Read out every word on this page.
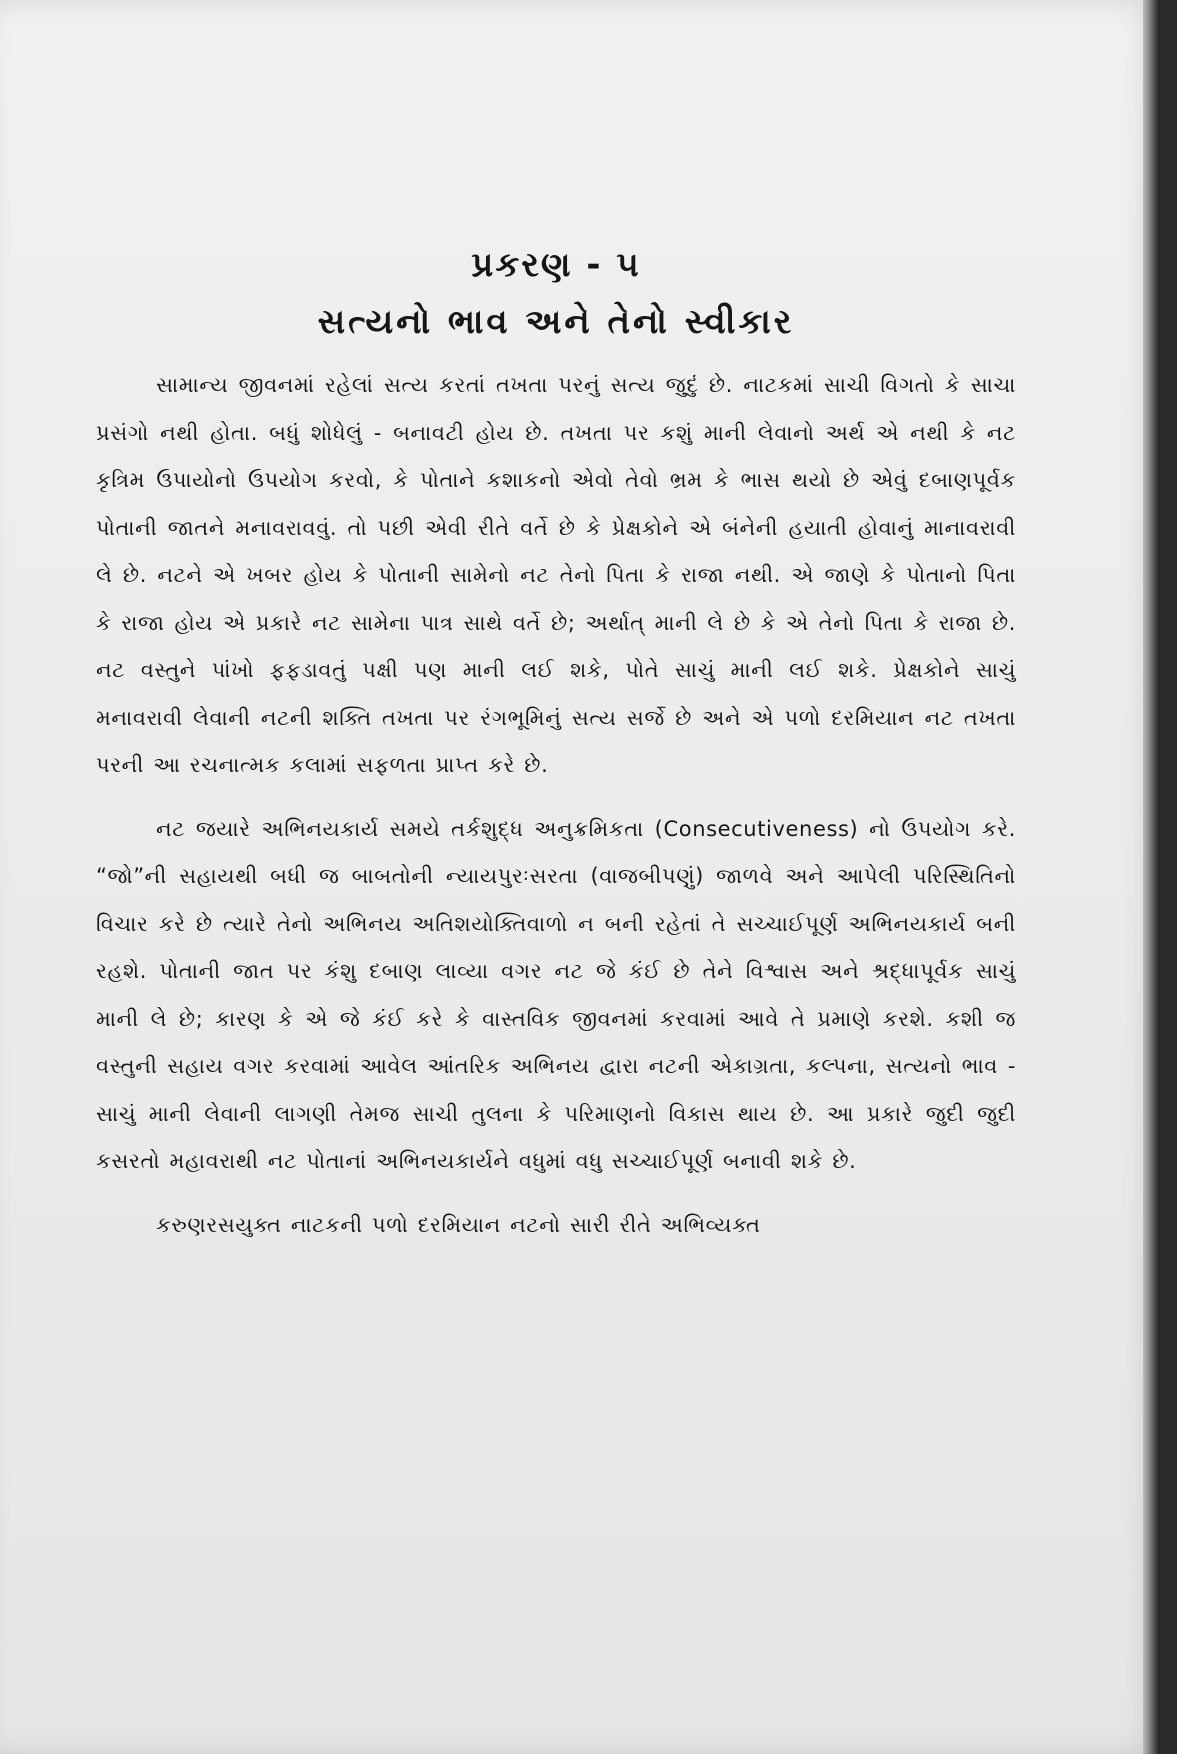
પ્રકરણ - ૫
સત્યનો ભાવ અને તેનો સ્વીકાર

સામાન્ય જીવનમાં રહેલાં સત્ય કરતાં તખતા પરનું સત્ય જુદું છે. નાટકમાં સાચી વિગતો કે સાચા પ્રસંગો નથી હોતા. બધું શોધેલું - બનાવટી હોય છે. તખતા પર કશું માની લેવાનો અર્થ એ નથી કે નટ કૃત્રિમ ઉપાયોનો ઉપયોગ કરવો, કે પોતાને કશાકનો એવો તેવો ભ્રમ કે ભાસ થયો છે એવું દબાણપૂર્વક પોતાની જાતને મનાવરાવવું. તો પછી એવી રીતે વર્તે છે કે પ્રેક્ષકોને એ બંનેની હયાતી હોવાનું માનાવરાવી લે છે. નટને એ ખબર હોય કે પોતાની સામેનો નટ તેનો પિતા કે રાજા નથી. એ જાણે કે પોતાનો પિતા કે રાજા હોય એ પ્રકારે નટ સામેના પાત્ર સાથે વર્તે છે; અર્થાત્ માની લે છે કે એ તેનો પિતા કે રાજા છે. નટ વસ્તુને પાંખો ફફડાવતું પક્ષી પણ માની લઈ શકે, પોતે સાચું માની લઈ શકે. પ્રેક્ષકોને સાચું મનાવરાવી લેવાની નટની શક્તિ તખતા પર રંગભૂમિનું સત્ય સર્જે છે અને એ પળો દરમિયાન નટ તખતા પરની આ રચનાત્મક કલામાં સફળતા પ્રાપ્ત કરે છે.

નટ જયારે અભિનયકાર્ય સમયે તર્કશુદ્ધ અનુક્રમિકતા (Consecutiveness) નો ઉપયોગ કરે. “જો”ની સહાયથી બધી જ બાબતોની ન્યાયપુરઃસરતા (વાજબીપણું) જાળવે અને આપેલી પરિસ્થિતિનો વિચાર કરે છે ત્યારે તેનો અભિનય અતિશયોક્તિવાળો ન બની રહેતાં તે સચ્ચાઈપૂર્ણ અભિનયકાર્ય બની રહશે. પોતાની જાત પર કંશુ દબાણ લાવ્યા વગર નટ જે કંઈ છે તેને વિશ્વાસ અને શ્રદ્ધાપૂર્વક સાચું માની લે છે; કારણ કે એ જે કંઈ કરે કે વાસ્તવિક જીવનમાં કરવામાં આવે તે પ્રમાણે કરશે. કશી જ વસ્તુની સહાય વગર કરવામાં આવેલ આંતરિક અભિનય દ્વારા નટની એકાગ્રતા, કલ્પના, સત્યનો ભાવ - સાચું માની લેવાની લાગણી તેમજ સાચી તુલના કે પરિમાણનો વિકાસ થાય છે. આ પ્રકારે જુદી જુદી કસરતો મહાવરાથી નટ પોતાનાં અભિનયકાર્યને વધુમાં વધુ સચ્ચાઈપૂર્ણ બનાવી શકે છે.

કરુણરસયુક્ત નાટકની પળો દરમિયાન નટનો સારી રીતે અભિવ્યક્ત
